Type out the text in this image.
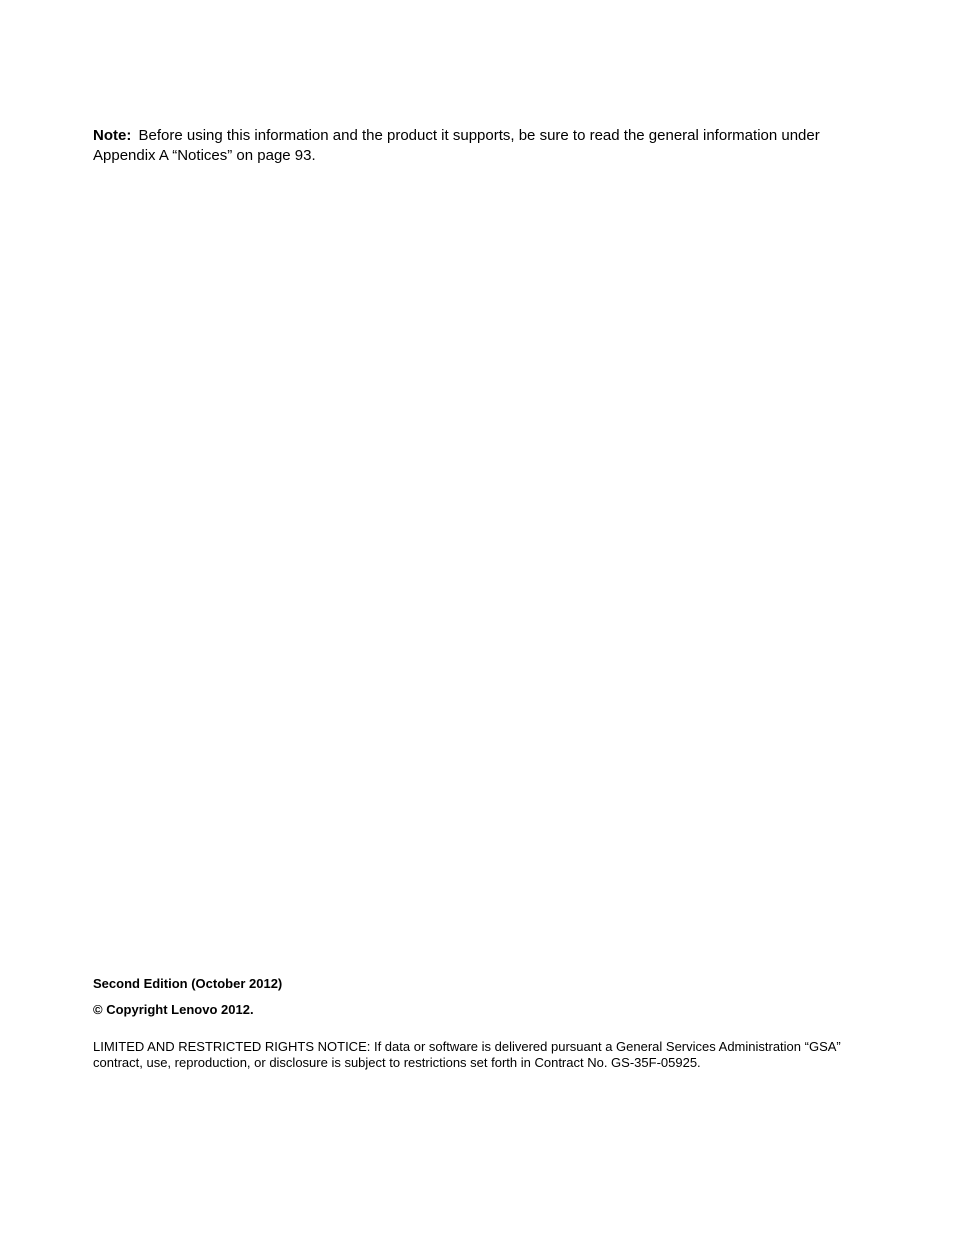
Note: Before using this information and the product it supports, be sure to read the general information under Appendix A “Notices” on page 93.
Second Edition (October 2012)
© Copyright Lenovo 2012.
LIMITED AND RESTRICTED RIGHTS NOTICE: If data or software is delivered pursuant a General Services Administration “GSA” contract, use, reproduction, or disclosure is subject to restrictions set forth in Contract No. GS-35F-05925.
